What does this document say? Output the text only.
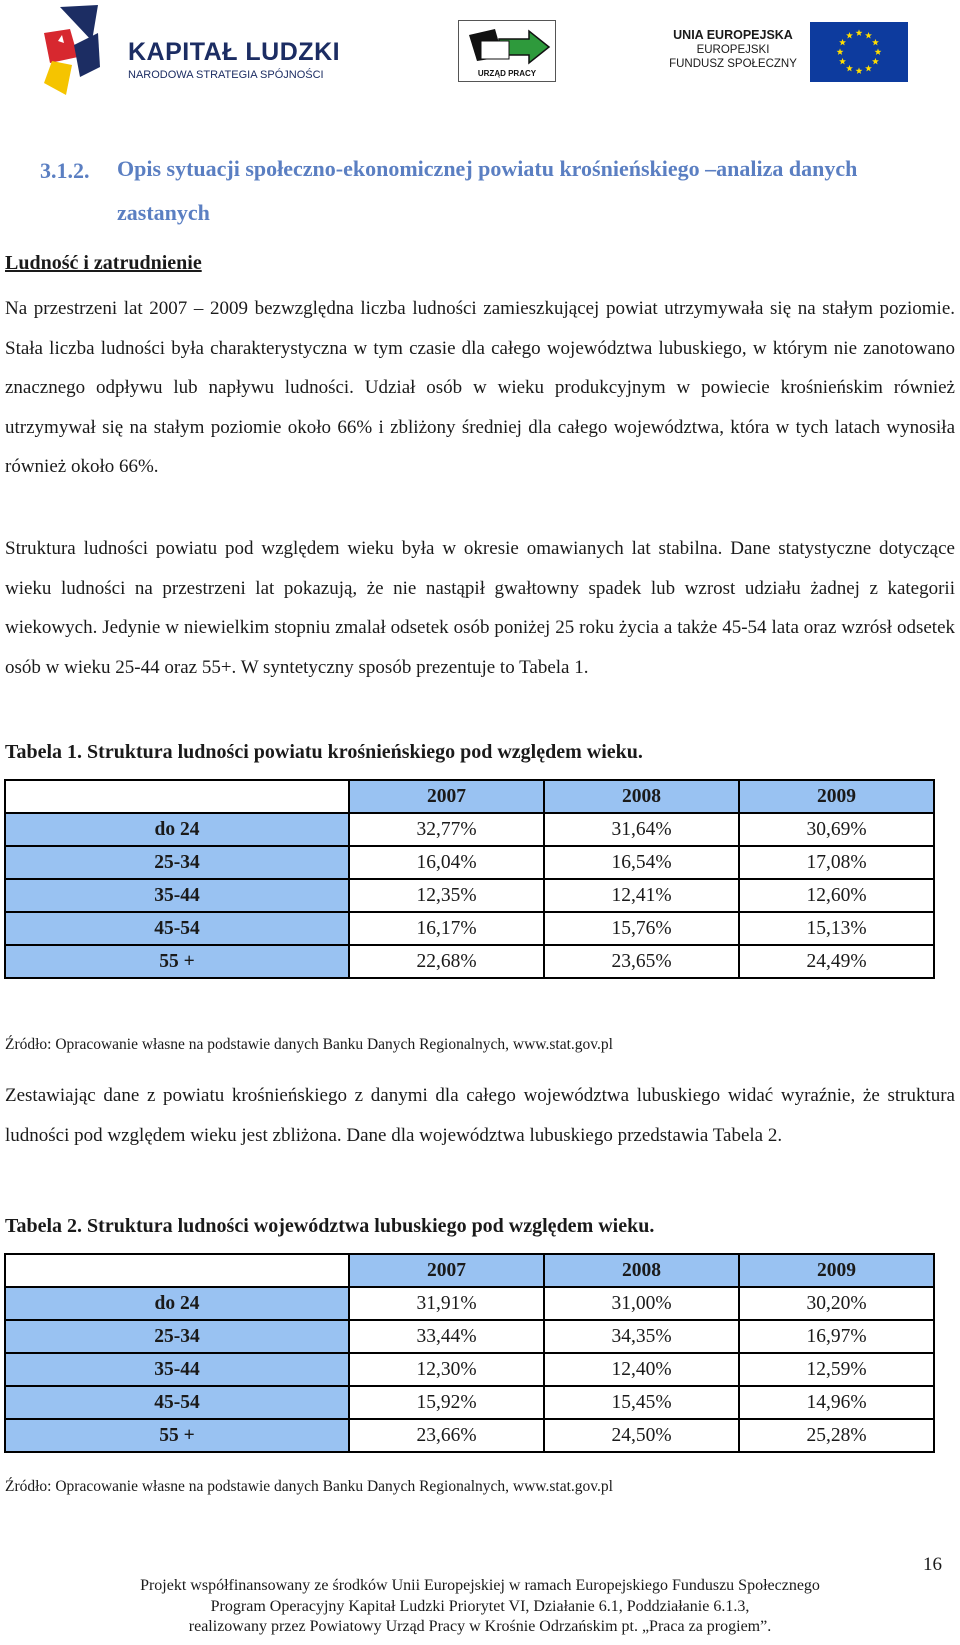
KAPITAŁ LUDZKI
NARODOWA STRATEGIA SPÓJNOŚCI	URZĄD PRACY
UNIA EUROPEJSKA
EUROPEJSKI
FUNDUSZ SPOŁECZNY
3.1.2. Opis sytuacji społeczno-ekonomicznej powiatu krośnieńskiego –analiza danych zastanych
Ludność i zatrudnienie
Na przestrzeni lat 2007 – 2009 bezwzględna liczba ludności zamieszkującej powiat utrzymywała się na stałym poziomie. Stała liczba ludności była charakterystyczna w tym czasie dla całego województwa lubuskiego, w którym nie zanotowano znacznego odpływu lub napływu ludności. Udział osób w wieku produkcyjnym w powiecie krośnieńskim również utrzymywał się na stałym poziomie około 66% i zbliżony średniej dla całego województwa, która w tych latach wynosiła również około 66%.
Struktura ludności powiatu pod względem wieku była w okresie omawianych lat stabilna. Dane statystyczne dotyczące wieku ludności na przestrzeni lat pokazują, że nie nastąpił gwałtowny spadek lub wzrost udziału żadnej z kategorii wiekowych. Jedynie w niewielkim stopniu zmalał odsetek osób poniżej 25 roku życia a także 45-54 lata oraz wzrósł odsetek osób w wieku 25-44 oraz 55+. W syntetyczny sposób prezentuje to Tabela 1.
Tabela 1. Struktura ludności powiatu krośnieńskiego pod względem wieku.
	2007	2008	2009
do 24	32,77%	31,64%	30,69%
25-34	16,04%	16,54%	17,08%
35-44	12,35%	12,41%	12,60%
45-54	16,17%	15,76%	15,13%
55 +	22,68%	23,65%	24,49%
Źródło: Opracowanie własne na podstawie danych Banku Danych Regionalnych, www.stat.gov.pl
Zestawiając dane z powiatu krośnieńskiego z danymi dla całego województwa lubuskiego widać wyraźnie, że struktura ludności pod względem wieku jest zbliżona. Dane dla województwa lubuskiego przedstawia Tabela 2.
Tabela 2. Struktura ludności województwa lubuskiego pod względem wieku.
	2007	2008	2009
do 24	31,91%	31,00%	30,20%
25-34	33,44%	34,35%	16,97%
35-44	12,30%	12,40%	12,59%
45-54	15,92%	15,45%	14,96%
55 +	23,66%	24,50%	25,28%
Źródło: Opracowanie własne na podstawie danych Banku Danych Regionalnych, www.stat.gov.pl
16
Projekt współfinansowany ze środków Unii Europejskiej w ramach Europejskiego Funduszu Społecznego
Program Operacyjny Kapitał Ludzki Priorytet VI, Działanie 6.1, Poddziałanie 6.1.3,
realizowany przez Powiatowy Urząd Pracy w Krośnie Odrzańskim pt. „Praca za progiem”.
